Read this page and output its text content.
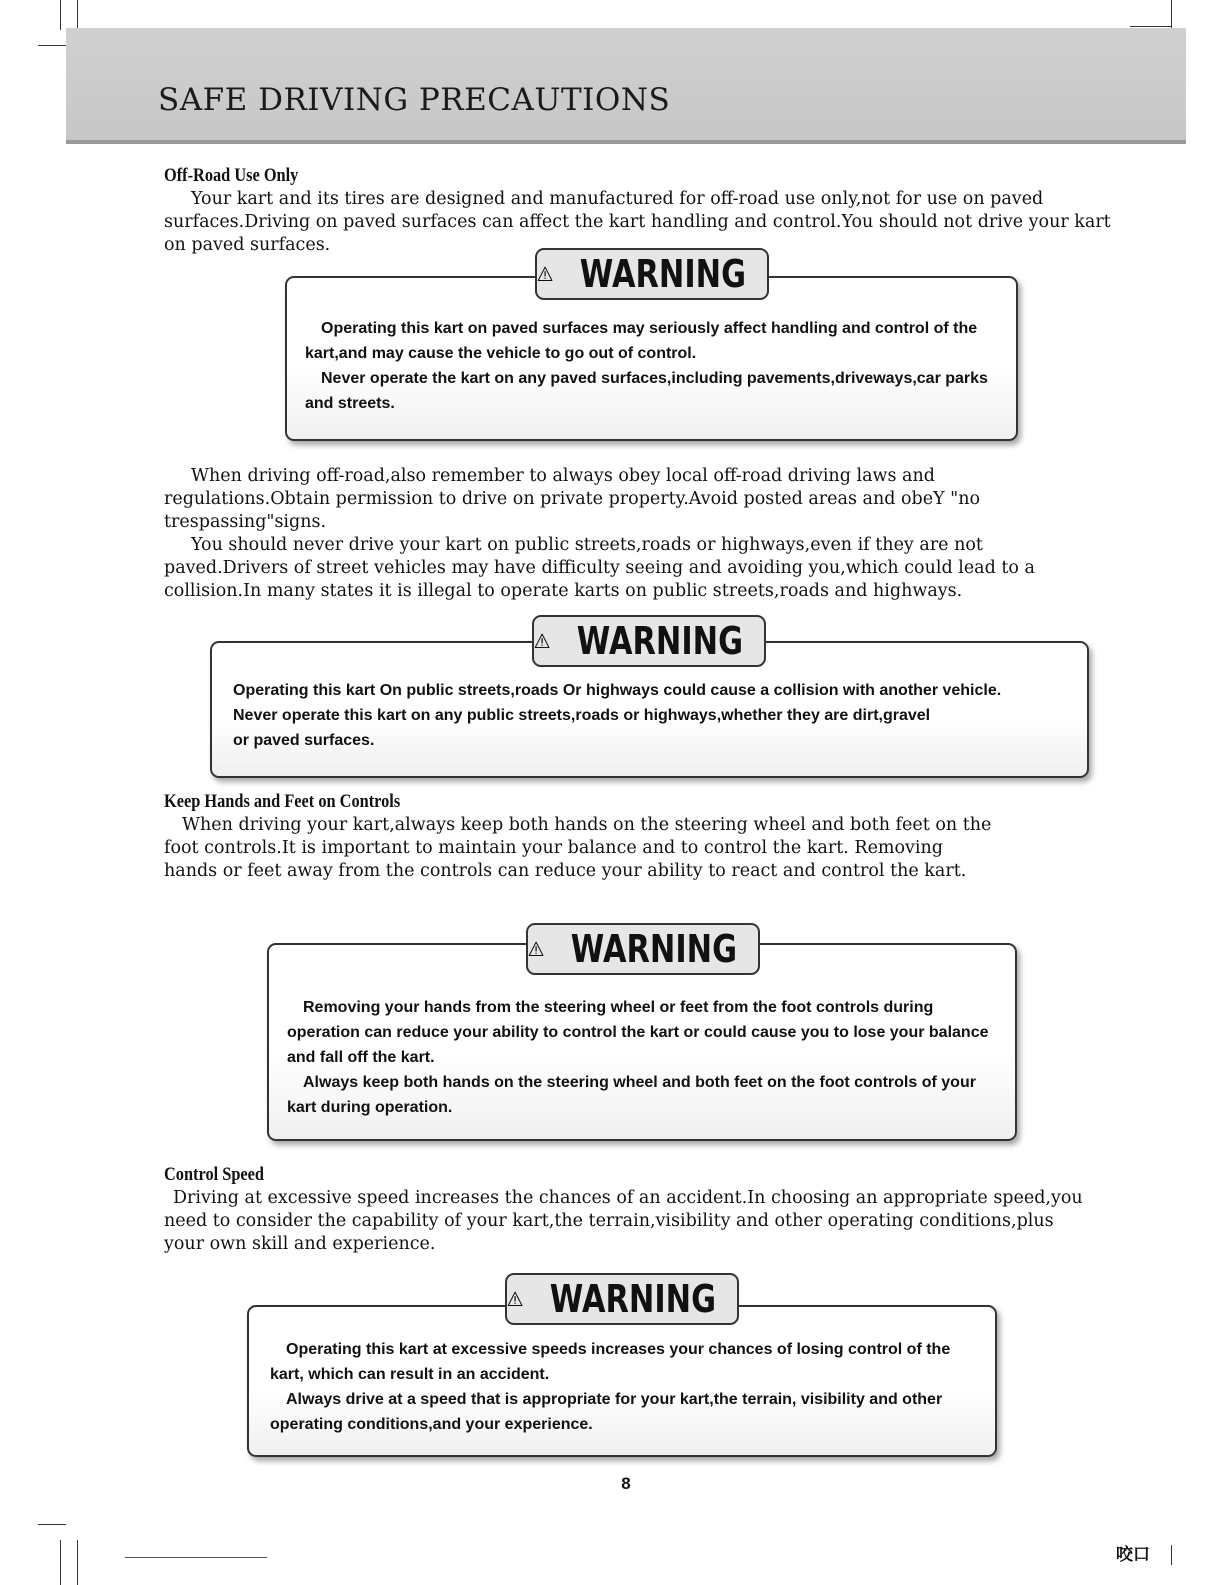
SAFE DRIVING PRECAUTIONS
Off-Road Use Only

Your kart and its tires are designed and manufactured for off-road use only,not for use on paved surfaces.Driving on paved surfaces can affect the kart handling and control.You should not drive your kart on paved surfaces.

Operating this kart on paved surfaces may seriously affect handling and control of the kart,and may cause the vehicle to go out of control.

Never operate the kart on any paved surfaces,including pavements,driveways,car parks and streets.

WARNING

When driving off-road,also remember to always obey local off-road driving laws and regulations.Obtain permission to drive on private property.Avoid posted areas and obeY "no trespassing"signs.

You should never drive your kart on public streets,roads or highways,even if they are not paved.Drivers of street vehicles may have difficulty seeing and avoiding you,which could lead to a collision.In many states it is illegal to operate karts on public streets,roads and highways.

Operating this kart On public streets,roads Or highways could cause a collision with another vehicle.

Never operate this kart on any public streets,roads or highways,whether they are dirt,gravel or paved surfaces.

WARNING
Keep Hands and Feet on Controls

When driving your kart,always keep both hands on the steering wheel and both feet on the foot controls.It is important to maintain your balance and to control the kart. Removing hands or feet away from the controls can reduce your ability to react and control the kart.

Removing your hands from the steering wheel or feet from the foot controls during operation can reduce your ability to control the kart or could cause you to lose your balance and fall off the kart.

Always keep both hands on the steering wheel and both feet on the foot controls of your kart during operation.

WARNING
Control Speed

Driving at excessive speed increases the chances of an accident.In choosing an appropriate speed,you need to consider the capability of your kart,the terrain,visibility and other operating conditions,plus your own skill and experience.

Operating this kart at excessive speeds increases your chances of losing control of the kart, which can result in an accident.

Always drive at a speed that is appropriate for your kart,the terrain, visibility and other operating conditions,and your experience.

WARNING
8
咬口
